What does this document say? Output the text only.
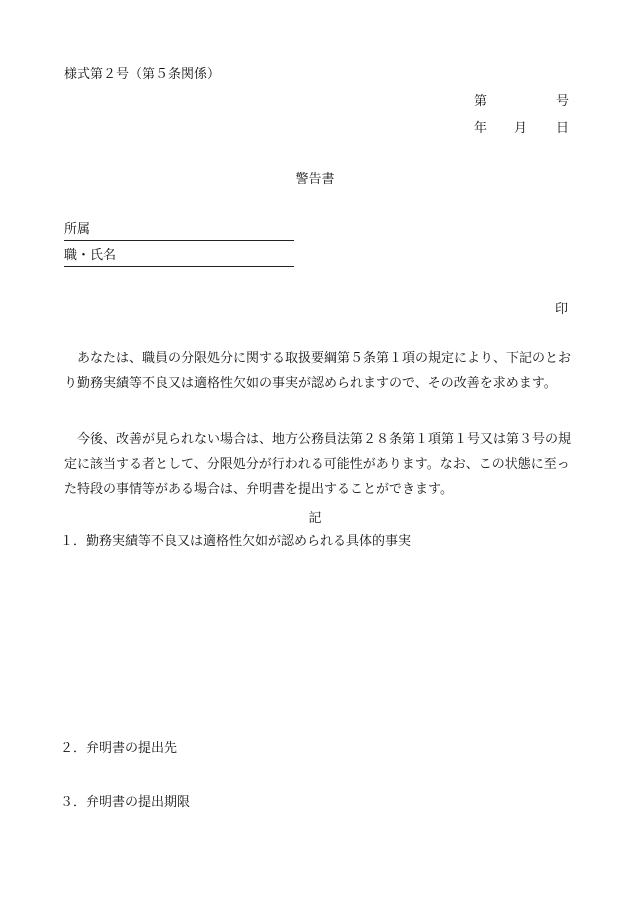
様式第２号（第５条関係）
第	号
年 月 日
警告書
所属
職・氏名
印

あなたは、職員の分限処分に関する取扱要綱第５条第１項の規定により、下記のとおり勤務実績等不良又は適格性欠如の事実が認められますので、その改善を求めます。

今後、改善が見られない場合は、地方公務員法第２８条第１項第１号又は第３号の規定に該当する者として、分限処分が行われる可能性があります。なお、この状態に至った特段の事情等がある場合は、弁明書を提出することができます。

記
１．勤務実績等不良又は適格性欠如が認められる具体的事実
２．弁明書の提出先
３．弁明書の提出期限
